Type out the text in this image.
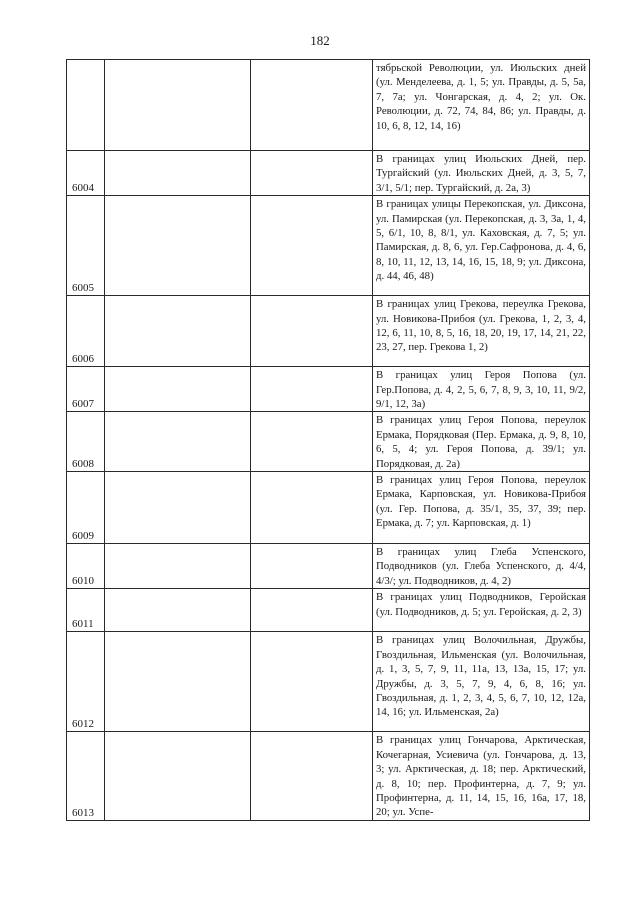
182

			тябрьской Революции, ул. Июльских дней (ул. Менделеева, д. 1, 5; ул. Правды, д. 5, 5а, 7, 7а; ул. Чонгарская, д. 4, 2; ул. Ок. Революции, д. 72, 74, 84, 86; ул. Правды, д. 10, 6, 8, 12, 14, 16)

6004			В границах улиц Июльских Дней, пер. Тургайский (ул. Июльских Дней, д. 3, 5, 7, 3/1, 5/1; пер. Тургайский, д. 2а, 3)

6005			В границах улицы Перекопская, ул. Диксона, ул. Памирская (ул. Перекопская, д. 3, 3а, 1, 4, 5, 6/1, 10, 8, 8/1, ул. Каховская, д. 7, 5; ул. Памирская, д. 8, 6, ул. Гер.Сафронова, д. 4, 6, 8, 10, 11, 12, 13, 14, 16, 15, 18, 9; ул. Диксона, д. 44, 46, 48)

6006			В границах улиц Грекова, переулка Грекова, ул. Новикова-Прибоя (ул. Грекова, 1, 2, 3, 4, 12, 6, 11, 10, 8, 5, 16, 18, 20, 19, 17, 14, 21, 22, 23, 27, пер. Грекова 1, 2)

6007			В границах улиц Героя Попова (ул. Гер.Попова, д. 4, 2, 5, 6, 7, 8, 9, 3, 10, 11, 9/2, 9/1, 12, 3а)

6008			В границах улиц Героя Попова, переулок Ермака, Порядковая (Пер. Ермака, д. 9, 8, 10, 6, 5, 4; ул. Героя Попова, д. 39/1; ул. Порядковая, д. 2а)

6009			В границах улиц Героя Попова, переулок Ермака, Карповская, ул. Новикова-Прибоя (ул. Гер. Попова, д. 35/1, 35, 37, 39; пер. Ермака, д. 7; ул. Карповская, д. 1)

6010			В границах улиц Глеба Успенского, Подводников (ул. Глеба Успенского, д. 4/4, 4/3/; ул. Подводников, д. 4, 2)

6011			В границах улиц Подводников, Геройская (ул. Подводников, д. 5; ул. Геройская, д. 2, 3)

6012			В границах улиц Волочильная, Дружбы, Гвоздильная, Ильменская (ул. Волочильная, д. 1, 3, 5, 7, 9, 11, 11а, 13, 13а, 15, 17; ул. Дружбы, д. 3, 5, 7, 9, 4, 6, 8, 16; ул. Гвоздильная, д. 1, 2, 3, 4, 5, 6, 7, 10, 12, 12а, 14, 16; ул. Ильменская, 2а)

6013			В границах улиц Гончарова, Арктическая, Кочегарная, Усиевича (ул. Гончарова, д. 13, 3; ул. Арктическая, д. 18; пер. Арктический, д. 8, 10; пер. Профинтерна, д. 7, 9; ул. Профинтерна, д. 11, 14, 15, 16, 16а, 17, 18, 20; ул. Успе-
